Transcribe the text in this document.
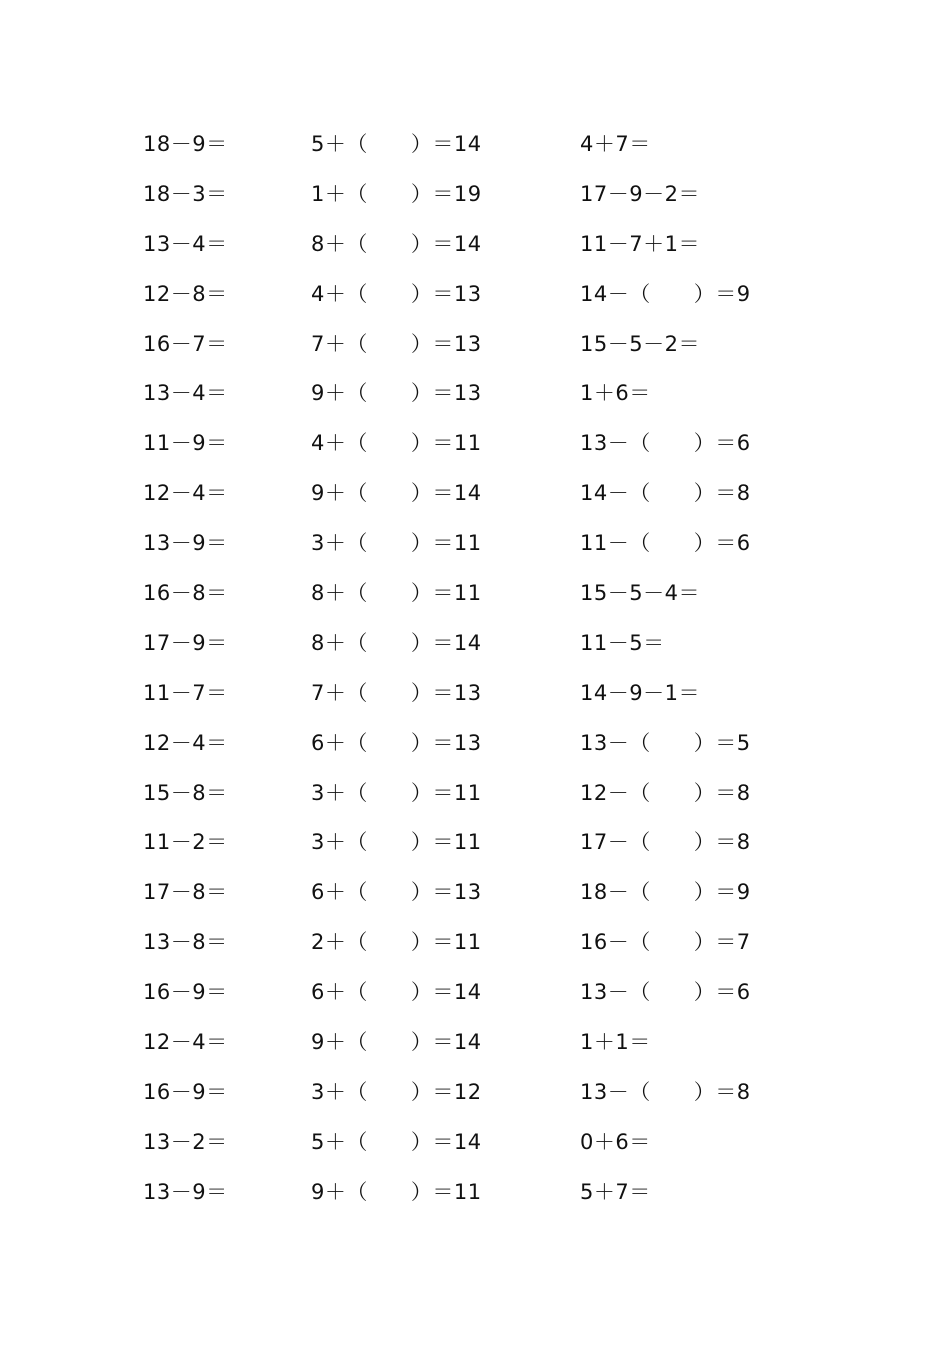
18－9＝	5＋（　　）＝14	4＋7＝
18－3＝	1＋（　　）＝19	17－9－2＝
13－4＝	8＋（　　）＝14	11－7＋1＝
12－8＝	4＋（　　）＝13	14－（　　）＝9
16－7＝	7＋（　　）＝13	15－5－2＝
13－4＝	9＋（　　）＝13	1＋6＝
11－9＝	4＋（　　）＝11	13－（　　）＝6
12－4＝	9＋（　　）＝14	14－（　　）＝8
13－9＝	3＋（　　）＝11	11－（　　）＝6
16－8＝	8＋（　　）＝11	15－5－4＝
17－9＝	8＋（　　）＝14	11－5＝
11－7＝	7＋（　　）＝13	14－9－1＝
12－4＝	6＋（　　）＝13	13－（　　）＝5
15－8＝	3＋（　　）＝11	12－（　　）＝8
11－2＝	3＋（　　）＝11	17－（　　）＝8
17－8＝	6＋（　　）＝13	18－（　　）＝9
13－8＝	2＋（　　）＝11	16－（　　）＝7
16－9＝	6＋（　　）＝14	13－（　　）＝6
12－4＝	9＋（　　）＝14	1＋1＝
16－9＝	3＋（　　）＝12	13－（　　）＝8
13－2＝	5＋（　　）＝14	0＋6＝
13－9＝	9＋（　　）＝11	5＋7＝
